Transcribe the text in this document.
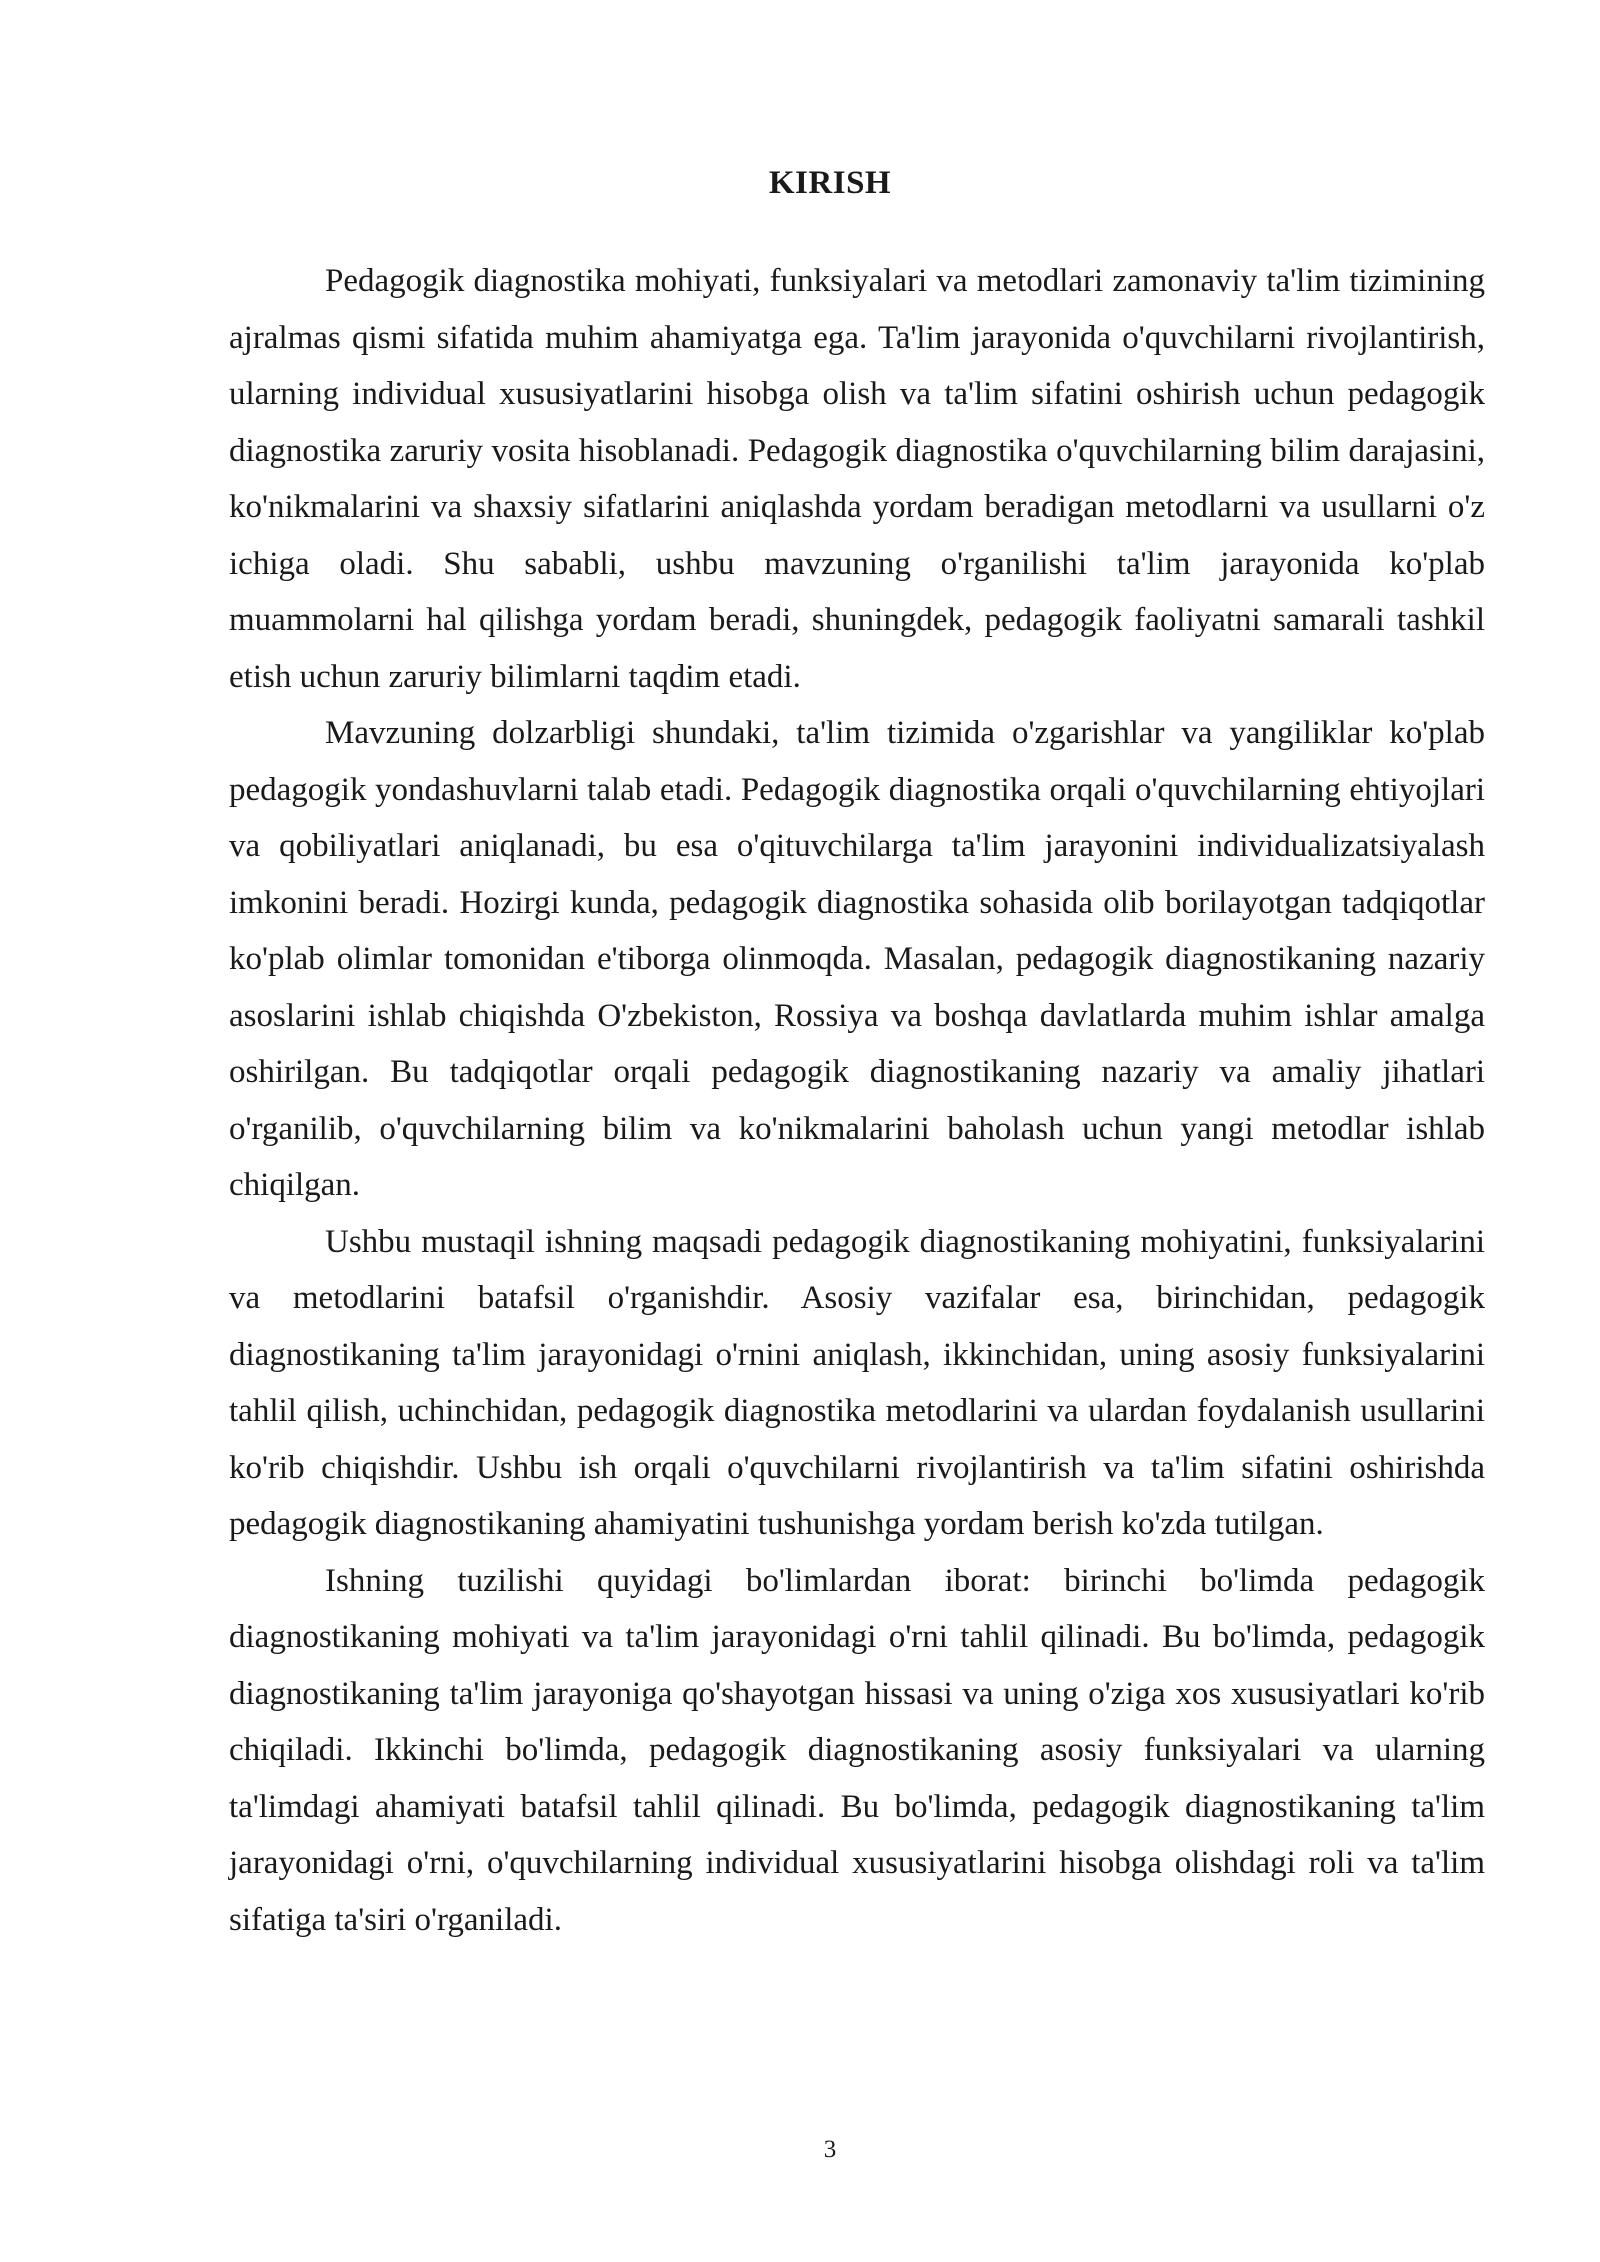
KIRISH

Pedagogik diagnostika mohiyati, funksiyalari va metodlari zamonaviy ta'lim tizimining ajralmas qismi sifatida muhim ahamiyatga ega. Ta'lim jarayonida o'quvchilarni rivojlantirish, ularning individual xususiyatlarini hisobga olish va ta'lim sifatini oshirish uchun pedagogik diagnostika zaruriy vosita hisoblanadi. Pedagogik diagnostika o'quvchilarning bilim darajasini, ko'nikmalarini va shaxsiy sifatlarini aniqlashda yordam beradigan metodlarni va usullarni o'z ichiga oladi. Shu sababli, ushbu mavzuning o'rganilishi ta'lim jarayonida ko'plab muammolarni hal qilishga yordam beradi, shuningdek, pedagogik faoliyatni samarali tashkil etish uchun zaruriy bilimlarni taqdim etadi.

Mavzuning dolzarbligi shundaki, ta'lim tizimida o'zgarishlar va yangiliklar ko'plab pedagogik yondashuvlarni talab etadi. Pedagogik diagnostika orqali o'quvchilarning ehtiyojlari va qobiliyatlari aniqlanadi, bu esa o'qituvchilarga ta'lim jarayonini individualizatsiyalash imkonini beradi. Hozirgi kunda, pedagogik diagnostika sohasida olib borilayotgan tadqiqotlar ko'plab olimlar tomonidan e'tiborga olinmoqda. Masalan, pedagogik diagnostikaning nazariy asoslarini ishlab chiqishda O'zbekiston, Rossiya va boshqa davlatlarda muhim ishlar amalga oshirilgan. Bu tadqiqotlar orqali pedagogik diagnostikaning nazariy va amaliy jihatlari o'rganilib, o'quvchilarning bilim va ko'nikmalarini baholash uchun yangi metodlar ishlab chiqilgan.

Ushbu mustaqil ishning maqsadi pedagogik diagnostikaning mohiyatini, funksiyalarini va metodlarini batafsil o'rganishdir. Asosiy vazifalar esa, birinchidan, pedagogik diagnostikaning ta'lim jarayonidagi o'rnini aniqlash, ikkinchidan, uning asosiy funksiyalarini tahlil qilish, uchinchidan, pedagogik diagnostika metodlarini va ulardan foydalanish usullarini ko'rib chiqishdir. Ushbu ish orqali o'quvchilarni rivojlantirish va ta'lim sifatini oshirishda pedagogik diagnostikaning ahamiyatini tushunishga yordam berish ko'zda tutilgan.

Ishning tuzilishi quyidagi bo'limlardan iborat: birinchi bo'limda pedagogik diagnostikaning mohiyati va ta'lim jarayonidagi o'rni tahlil qilinadi. Bu bo'limda, pedagogik diagnostikaning ta'lim jarayoniga qo'shayotgan hissasi va uning o'ziga xos xususiyatlari ko'rib chiqiladi. Ikkinchi bo'limda, pedagogik diagnostikaning asosiy funksiyalari va ularning ta'limdagi ahamiyati batafsil tahlil qilinadi. Bu bo'limda, pedagogik diagnostikaning ta'lim jarayonidagi o'rni, o'quvchilarning individual xususiyatlarini hisobga olishdagi roli va ta'lim sifatiga ta'siri o'rganiladi.

3
